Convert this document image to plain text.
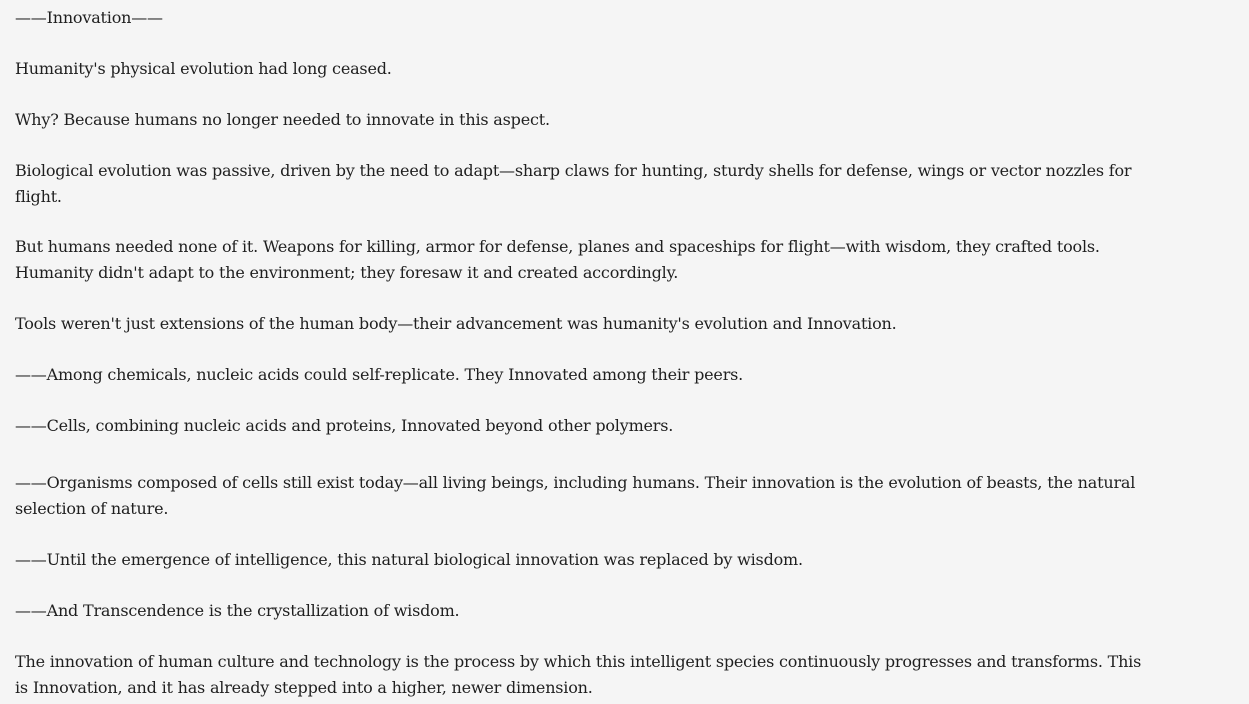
——Innovation——

Humanity's physical evolution had long ceased.

Why? Because humans no longer needed to innovate in this aspect.

Biological evolution was passive, driven by the need to adapt—sharp claws for hunting, sturdy shells for defense, wings or vector nozzles for flight.

But humans needed none of it. Weapons for killing, armor for defense, planes and spaceships for flight—with wisdom, they crafted tools. Humanity didn't adapt to the environment; they foresaw it and created accordingly.

Tools weren't just extensions of the human body—their advancement was humanity's evolution and Innovation.

——Among chemicals, nucleic acids could self-replicate. They Innovated among their peers.

——Cells, combining nucleic acids and proteins, Innovated beyond other polymers.

——Organisms composed of cells still exist today—all living beings, including humans. Their innovation is the evolution of beasts, the natural selection of nature.

——Until the emergence of intelligence, this natural biological innovation was replaced by wisdom.

——And Transcendence is the crystallization of wisdom.

The innovation of human culture and technology is the process by which this intelligent species continuously progresses and transforms. This is Innovation, and it has already stepped into a higher, newer dimension.
